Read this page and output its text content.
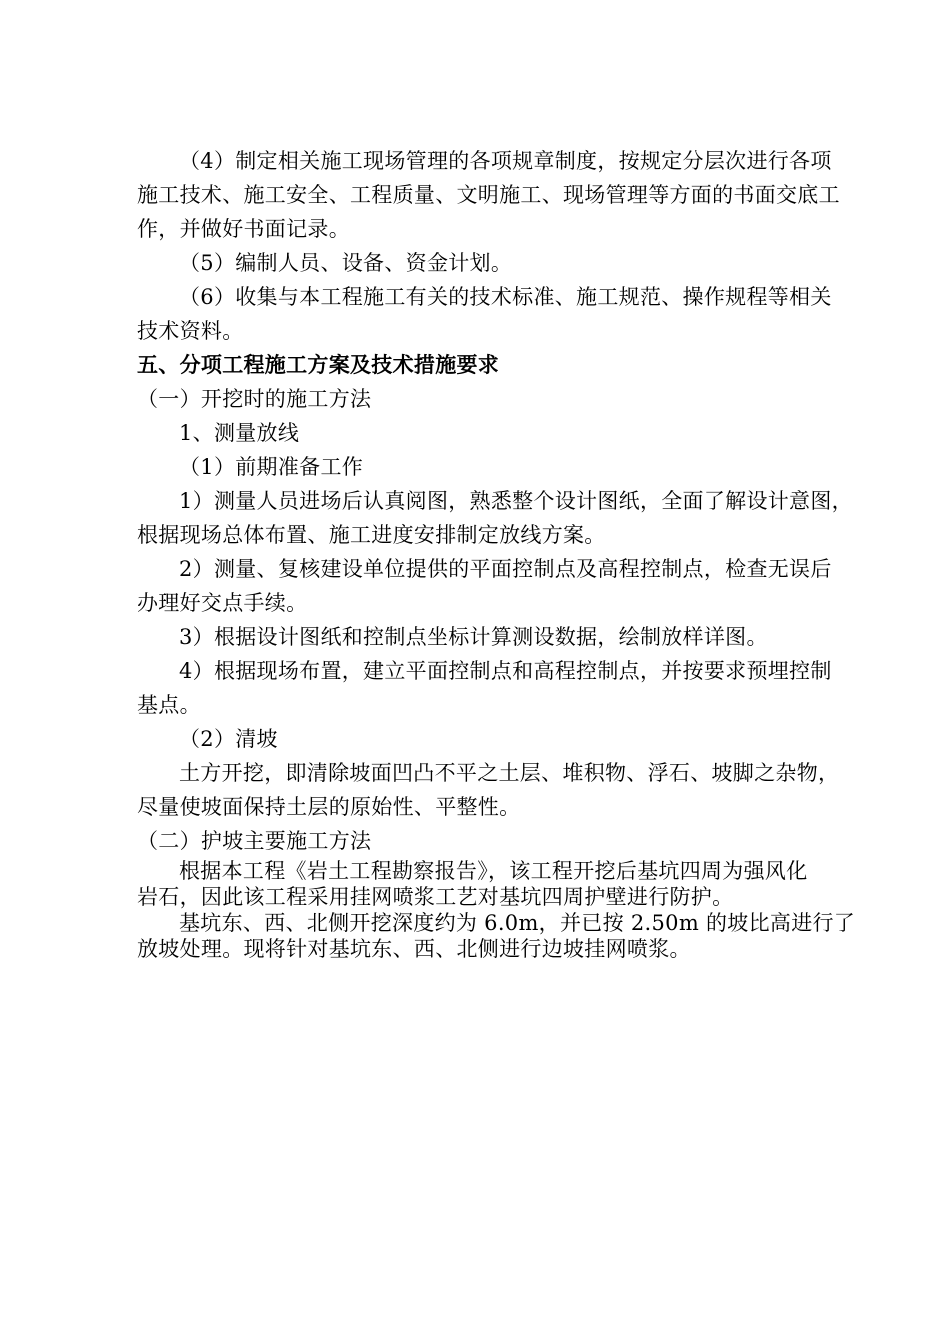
（4）制定相关施工现场管理的各项规章制度，按规定分层次进行各项
施工技术、施工安全、工程质量、文明施工、现场管理等方面的书面交底工
作，并做好书面记录。
（5）编制人员、设备、资金计划。
（6）收集与本工程施工有关的技术标准、施工规范、操作规程等相关
技术资料。
五、分项工程施工方案及技术措施要求
（一）开挖时的施工方法
1、测量放线
（1）前期准备工作
1）测量人员进场后认真阅图，熟悉整个设计图纸，全面了解设计意图，
根据现场总体布置、施工进度安排制定放线方案。
2）测量、复核建设单位提供的平面控制点及高程控制点，检查无误后
办理好交点手续。
3）根据设计图纸和控制点坐标计算测设数据，绘制放样详图。
4）根据现场布置，建立平面控制点和高程控制点，并按要求预埋控制
基点。
（2）清坡
土方开挖，即清除坡面凹凸不平之土层、堆积物、浮石、坡脚之杂物，
尽量使坡面保持土层的原始性、平整性。
（二）护坡主要施工方法
根据本工程《岩土工程勘察报告》，该工程开挖后基坑四周为强风化
岩石，因此该工程采用挂网喷浆工艺对基坑四周护壁进行防护。
基坑东、西、北侧开挖深度约为 6.0m，并已按 2.50m 的坡比高进行了
放坡处理。现将针对基坑东、西、北侧进行边坡挂网喷浆。
